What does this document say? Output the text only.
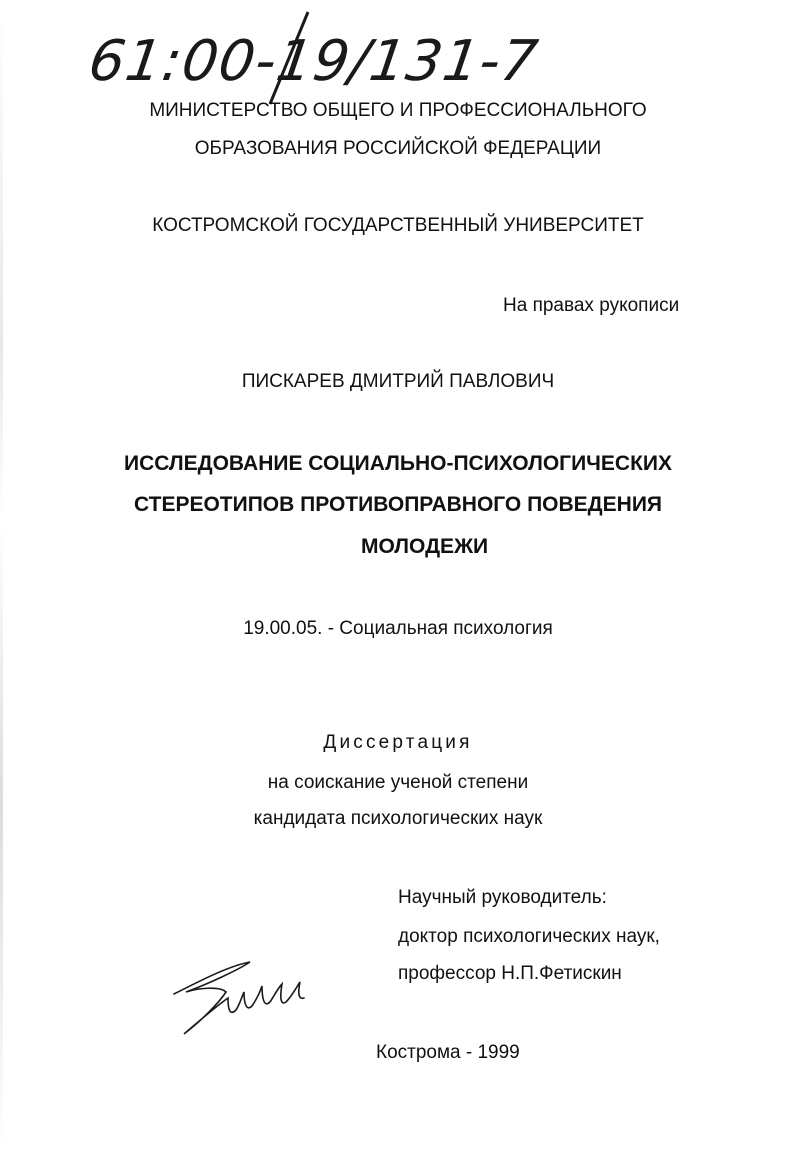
61:00-19/131-7
МИНИСТЕРСТВО ОБЩЕГО И ПРОФЕССИОНАЛЬНОГО
ОБРАЗОВАНИЯ РОССИЙСКОЙ ФЕДЕРАЦИИ
КОСТРОМСКОЙ ГОСУДАРСТВЕННЫЙ УНИВЕРСИТЕТ
На правах рукописи
ПИСКАРЕВ ДМИТРИЙ ПАВЛОВИЧ
ИССЛЕДОВАНИЕ СОЦИАЛЬНО-ПСИХОЛОГИЧЕСКИХ
СТЕРЕОТИПОВ ПРОТИВОПРАВНОГО ПОВЕДЕНИЯ
МОЛОДЕЖИ
19.00.05. - Социальная психология
Диссертация
на соискание ученой степени
кандидата психологических наук
Научный руководитель:
доктор психологических наук,
профессор Н.П.Фетискин
Кострома - 1999
